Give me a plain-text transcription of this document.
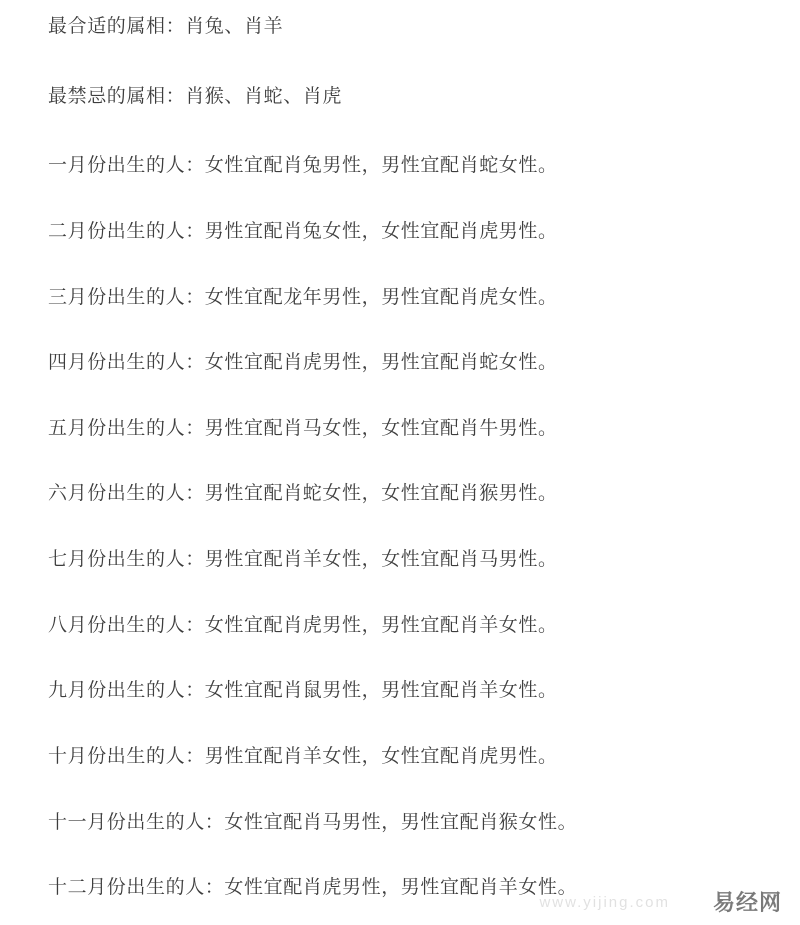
最合适的属相：肖兔、肖羊

最禁忌的属相：肖猴、肖蛇、肖虎

一月份出生的人：女性宜配肖兔男性，男性宜配肖蛇女性。

二月份出生的人：男性宜配肖兔女性，女性宜配肖虎男性。

三月份出生的人：女性宜配龙年男性，男性宜配肖虎女性。

四月份出生的人：女性宜配肖虎男性，男性宜配肖蛇女性。

五月份出生的人：男性宜配肖马女性，女性宜配肖牛男性。

六月份出生的人：男性宜配肖蛇女性，女性宜配肖猴男性。

七月份出生的人：男性宜配肖羊女性，女性宜配肖马男性。

八月份出生的人：女性宜配肖虎男性，男性宜配肖羊女性。

九月份出生的人：女性宜配肖鼠男性，男性宜配肖羊女性。

十月份出生的人：男性宜配肖羊女性，女性宜配肖虎男性。

十一月份出生的人：女性宜配肖马男性，男性宜配肖猴女性。

十二月份出生的人：女性宜配肖虎男性，男性宜配肖羊女性。

www.yijing.com 易经网
